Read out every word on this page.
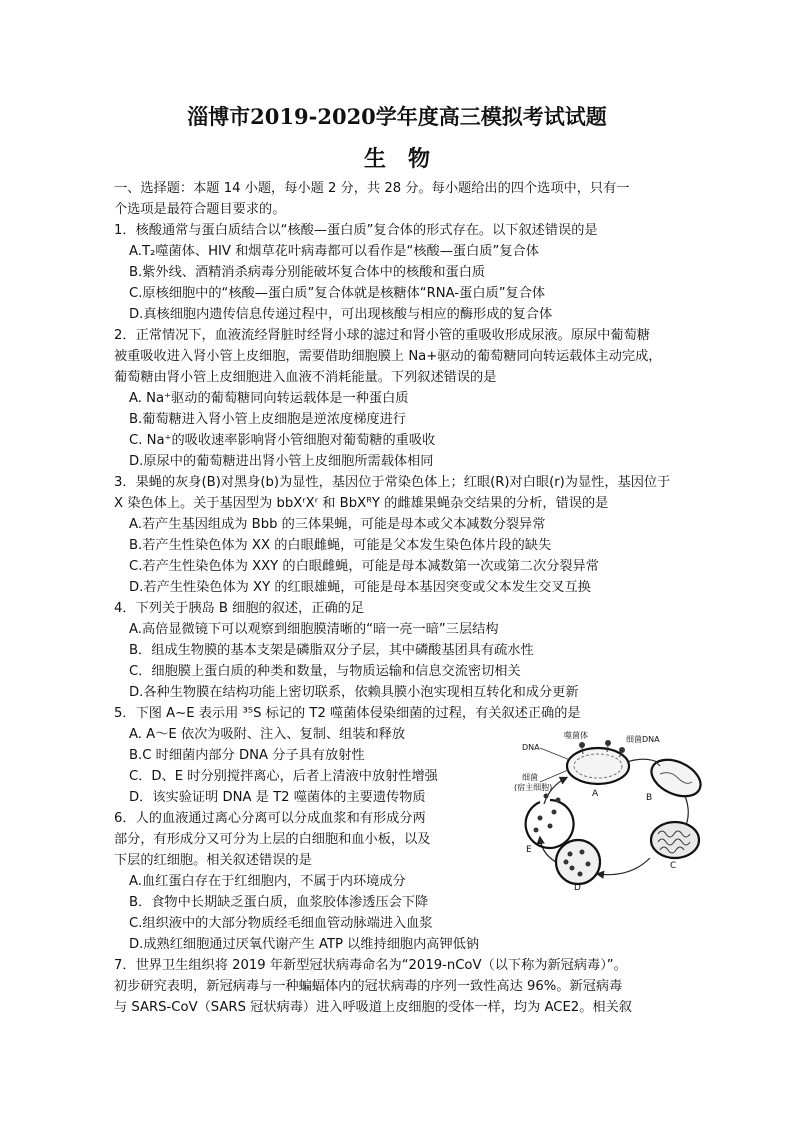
淄博市2019-2020学年度高三模拟考试试题
生物
一、选择题：本题 14 小题，每小题 2 分，共 28 分。每小题给出的四个选项中，只有一
个选项是最符合题目要求的。
1．核酸通常与蛋白质结合以“核酸—蛋白质”复合体的形式存在。以下叙述错误的是
A.T₂噬菌体、HIV 和烟草花叶病毒都可以看作是“核酸—蛋白质”复合体
B.紫外线、酒精消杀病毒分别能破坏复合体中的核酸和蛋白质
C.原核细胞中的“核酸—蛋白质”复合体就是核糖体“RNA-蛋白质”复合体
D.真核细胞内遗传信息传递过程中，可出现核酸与相应的酶形成的复合体
2．正常情况下，血液流经肾脏时经肾小球的滤过和肾小管的重吸收形成尿液。原尿中葡萄糖
被重吸收进入肾小管上皮细胞，需要借助细胞膜上 Na+驱动的葡萄糖同向转运载体主动完成，
葡萄糖由肾小管上皮细胞进入血液不消耗能量。下列叙述错误的是
A. Na⁺驱动的葡萄糖同向转运载体是一种蛋白质
B.葡萄糖进入肾小管上皮细胞是逆浓度梯度进行
C. Na⁺的吸收速率影响肾小管细胞对葡萄糖的重吸收
D.原尿中的葡萄糖进出肾小管上皮细胞所需载体相同
3．果蝇的灰身(B)对黑身(b)为显性，基因位于常染色体上；红眼(R)对白眼(r)为显性，基因位于
X 染色体上。关于基因型为 bbXʳXʳ 和 BbXᴿY 的雌雄果蝇杂交结果的分析，错误的是
A.若产生基因组成为 Bbb 的三体果蝇，可能是母本或父本减数分裂异常
B.若产生性染色体为 XX 的白眼雌蝇，可能是父本发生染色体片段的缺失
C.若产生性染色体为 XXY 的白眼雌蝇，可能是母本减数第一次或第二次分裂异常
D.若产生性染色体为 XY 的红眼雄蝇，可能是母本基因突变或父本发生交叉互换
4．下列关于胰岛 B 细胞的叙述，正确的足
A.高倍显微镜下可以观察到细胞膜清晰的“暗一亮一暗”三层结构
B．组成生物膜的基本支架是磷脂双分子层，其中磷酸基团具有疏水性
C．细胞膜上蛋白质的种类和数量，与物质运输和信息交流密切相关
D.各种生物膜在结构功能上密切联系，依赖具膜小泡实现相互转化和成分更新
5．下图 A~E 表示用 ³⁵S 标记的 T2 噬菌体侵染细菌的过程，有关叙述正确的是
A. A～E 依次为吸附、注入、复制、组装和释放
B.C 时细菌内部分 DNA 分子具有放射性
C．D、E 时分别搅拌离心，后者上清液中放射性增强
D．该实验证明 DNA 是 T2 噬菌体的主要遗传物质
6．人的血液通过离心分离可以分成血浆和有形成分两
部分，有形成分又可分为上层的白细胞和血小板，以及
下层的红细胞。相关叙述错误的是
A.血红蛋白存在于红细胞内，不属于内环境成分
B．食物中长期缺乏蛋白质，血浆胶体渗透压会下降
C.组织液中的大部分物质经毛细血管动脉端进入血浆
D.成熟红细胞通过厌氧代谢产生 ATP 以维持细胞内高钾低钠
7．世界卫生组织将 2019 年新型冠状病毒命名为“2019-nCoV（以下称为新冠病毒）”。
初步研究表明，新冠病毒与一种蝙蝠体内的冠状病毒的序列一致性高达 96%。新冠病毒
与 SARS-CoV（SARS 冠状病毒）进入呼吸道上皮细胞的受体一样，均为 ACE2。相关叙
DNA
噬菌体	细菌DNA
细菌
(宿主细胞)
A	B
C
D
E
